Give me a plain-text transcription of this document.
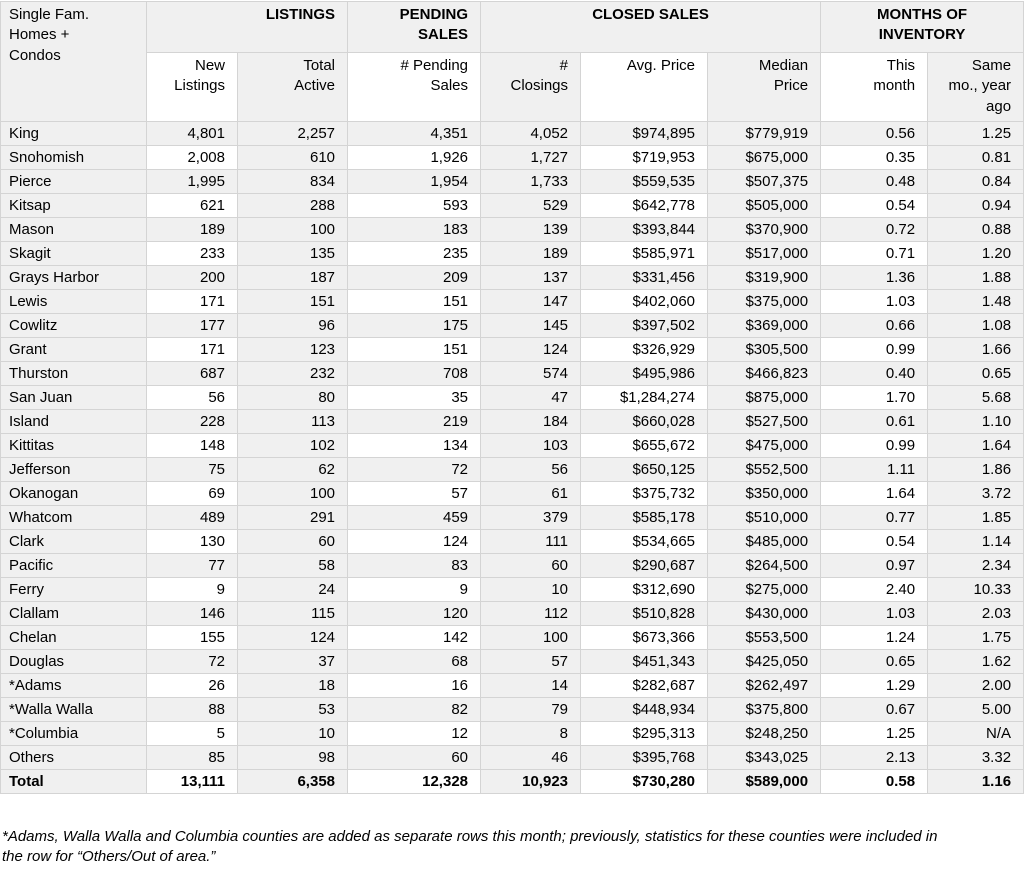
Single Fam. Homes + Condos	LISTINGS		PENDING SALES	CLOSED SALES			MONTHS OF INVENTORY	
	New Listings	Total Active	# Pending Sales	# Closings	Avg. Price	Median Price	This month	Same mo., year ago
King	4,801	2,257	4,351	4,052	$974,895	$779,919	0.56	1.25
Snohomish	2,008	610	1,926	1,727	$719,953	$675,000	0.35	0.81
Pierce	1,995	834	1,954	1,733	$559,535	$507,375	0.48	0.84
Kitsap	621	288	593	529	$642,778	$505,000	0.54	0.94
Mason	189	100	183	139	$393,844	$370,900	0.72	0.88
Skagit	233	135	235	189	$585,971	$517,000	0.71	1.20
Grays Harbor	200	187	209	137	$331,456	$319,900	1.36	1.88
Lewis	171	151	151	147	$402,060	$375,000	1.03	1.48
Cowlitz	177	96	175	145	$397,502	$369,000	0.66	1.08
Grant	171	123	151	124	$326,929	$305,500	0.99	1.66
Thurston	687	232	708	574	$495,986	$466,823	0.40	0.65
San Juan	56	80	35	47	$1,284,274	$875,000	1.70	5.68
Island	228	113	219	184	$660,028	$527,500	0.61	1.10
Kittitas	148	102	134	103	$655,672	$475,000	0.99	1.64
Jefferson	75	62	72	56	$650,125	$552,500	1.11	1.86
Okanogan	69	100	57	61	$375,732	$350,000	1.64	3.72
Whatcom	489	291	459	379	$585,178	$510,000	0.77	1.85
Clark	130	60	124	111	$534,665	$485,000	0.54	1.14
Pacific	77	58	83	60	$290,687	$264,500	0.97	2.34
Ferry	9	24	9	10	$312,690	$275,000	2.40	10.33
Clallam	146	115	120	112	$510,828	$430,000	1.03	2.03
Chelan	155	124	142	100	$673,366	$553,500	1.24	1.75
Douglas	72	37	68	57	$451,343	$425,050	0.65	1.62
*Adams	26	18	16	14	$282,687	$262,497	1.29	2.00
*Walla Walla	88	53	82	79	$448,934	$375,800	0.67	5.00
*Columbia	5	10	12	8	$295,313	$248,250	1.25	N/A
Others	85	98	60	46	$395,768	$343,025	2.13	3.32
Total	13,111	6,358	12,328	10,923	$730,280	$589,000	0.58	1.16
*Adams, Walla Walla and Columbia counties are added as separate rows this month; previously, statistics for these counties were included in the row for “Others/Out of area.”
